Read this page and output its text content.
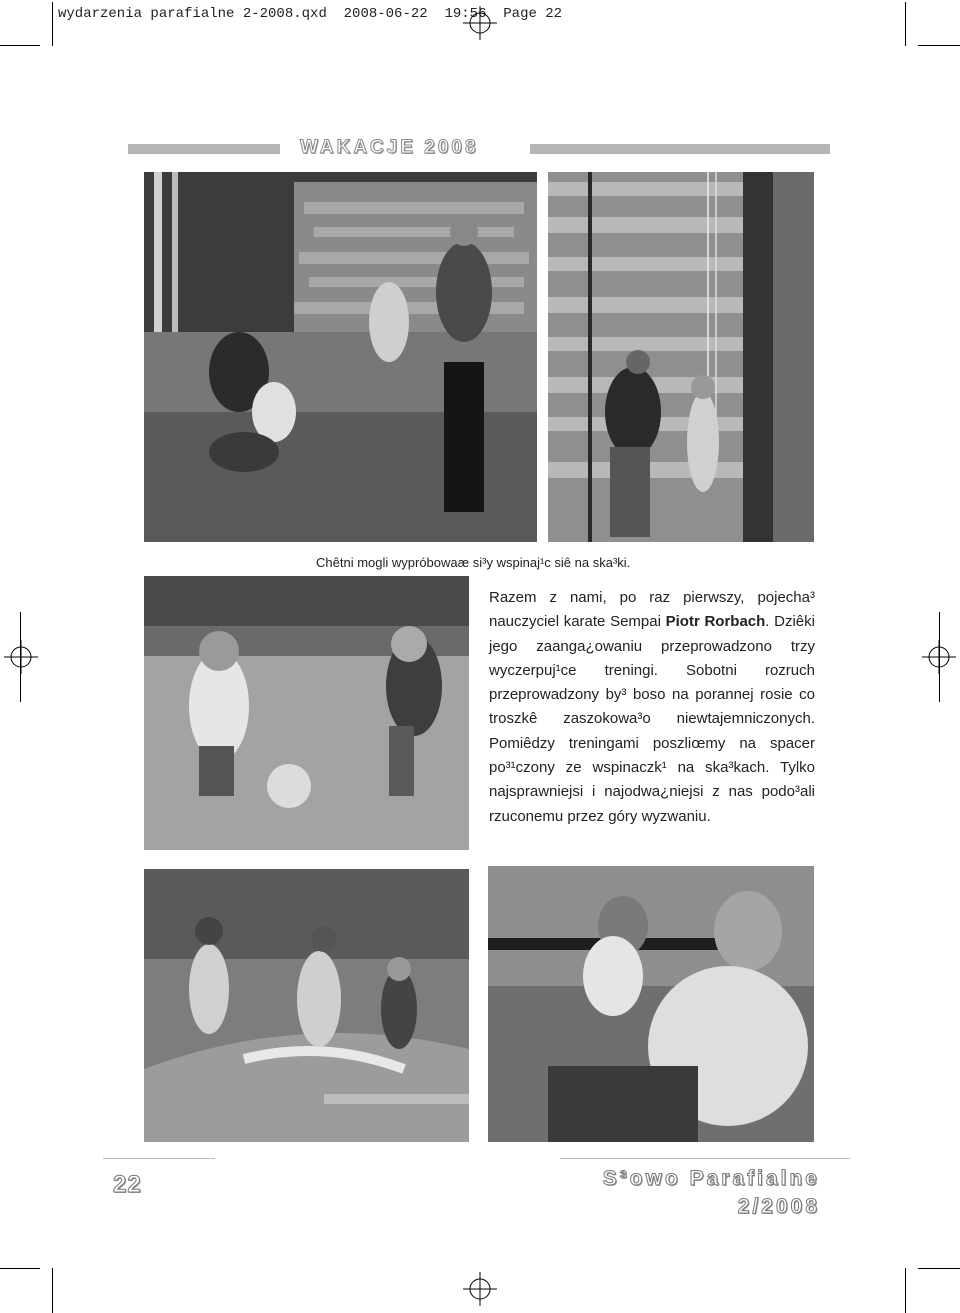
wydarzenia parafialne 2-2008.qxd  2008-06-22  19:56  Page 22
WAKACJE 2008
Chêtni mogli wypróbowaæ si³y wspinaj¹c siê na ska³ki.

Razem z nami, po raz pierwszy, pojecha³ nauczyciel karate Sempai Piotr Rorbach. Dziêki jego zaanga¿owaniu przeprowadzono trzy wyczerpuj¹ce treningi. Sobotni rozruch przeprowadzony by³ boso na porannej rosie co troszkê zaszokowa³o niewtajemniczonych. Pomiêdzy treningami poszliœmy na spacer po³¹czony ze wspinaczk¹ na ska³kach. Tylko najsprawniejsi i najodwa¿niejsi z nas podo³ali rzuconemu przez góry wyzwaniu.

22	S³owo Parafialne
2/2008
